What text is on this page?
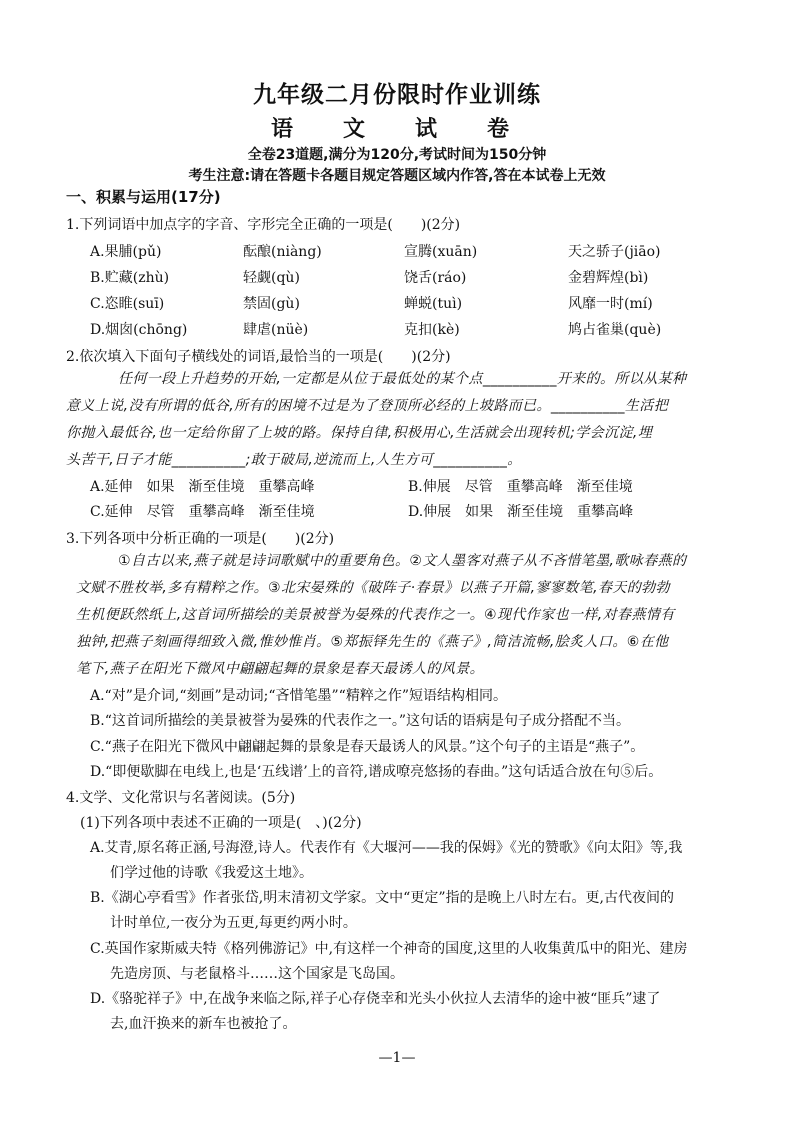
九年级二月份限时作业训练
语　文　试　卷
全卷23道题,满分为120分,考试时间为150分钟
考生注意:请在答题卡各题目规定答题区域内作答,答在本试卷上无效
一、积累与运用(17分)
1.下列词语中加点字的字音、字形完全正确的一项是(　　)(2分)
A.果脯(pǔ)	酝酿(niàng)	宣腾(xuān)	天之骄子(jiāo)
B.贮藏(zhù)	轻觑(qù)	饶舌(ráo)	金碧辉煌(bì)
C.恣睢(suī)	禁固(gù)	蝉蜕(tuì)	风靡一时(mí)
D.烟囱(chōng)	肆虐(nüè)	克扣(kè)	鸠占雀巢(què)
2.依次填入下面句子横线处的词语,最恰当的一项是(　　)(2分)
任何一段上升趋势的开始,一定都是从位于最低处的某个点__________开来的。所以从某种
意义上说,没有所谓的低谷,所有的困境不过是为了登顶所必经的上坡路而已。__________生活把
你抛入最低谷,也一定给你留了上坡的路。保持自律,积极用心,生活就会出现转机;学会沉淀,埋
头苦干,日子才能__________;敢于破局,逆流而上,人生方可__________。
A.延伸　如果　渐至佳境　重攀高峰	B.伸展　尽管　重攀高峰　渐至佳境
C.延伸　尽管　重攀高峰　渐至佳境	D.伸展　如果　渐至佳境　重攀高峰
3.下列各项中分析正确的一项是(　　)(2分)
①自古以来,燕子就是诗词歌赋中的重要角色。②文人墨客对燕子从不吝惜笔墨,歌咏春燕的
文赋不胜枚举,多有精粹之作。③北宋晏殊的《破阵子·春景》以燕子开篇,寥寥数笔,春天的勃勃
生机便跃然纸上,这首词所描绘的美景被誉为晏殊的代表作之一。④现代作家也一样,对春燕情有
独钟,把燕子刻画得细致入微,惟妙惟肖。⑤郑振铎先生的《燕子》,简洁流畅,脍炙人口。⑥在他
笔下,燕子在阳光下微风中翩翩起舞的景象是春天最诱人的风景。
A.“对”是介词,“刻画”是动词;“吝惜笔墨”“精粹之作”短语结构相同。
B.“这首词所描绘的美景被誉为晏殊的代表作之一。”这句话的语病是句子成分搭配不当。
C.“燕子在阳光下微风中翩翩起舞的景象是春天最诱人的风景。”这个句子的主语是“燕子”。
D.“即便歇脚在电线上,也是‘五线谱’上的音符,谱成嘹亮悠扬的春曲。”这句话适合放在句⑤后。
4.文学、文化常识与名著阅读。(5分)
(1)下列各项中表述不正确的一项是(　、)(2分)
A.艾青,原名蒋正涵,号海澄,诗人。代表作有《大堰河——我的保姆》《光的赞歌》《向太阳》等,我
们学过他的诗歌《我爱这土地》。
B.《湖心亭看雪》作者张岱,明末清初文学家。文中“更定”指的是晚上八时左右。更,古代夜间的
计时单位,一夜分为五更,每更约两小时。
C.英国作家斯威夫特《格列佛游记》中,有这样一个神奇的国度,这里的人收集黄瓜中的阳光、建房
先造房顶、与老鼠格斗……这个国家是飞岛国。
D.《骆驼祥子》中,在战争来临之际,祥子心存侥幸和光头小伙拉人去清华的途中被“匪兵”逮了
去,血汗换来的新车也被抢了。
—1—
